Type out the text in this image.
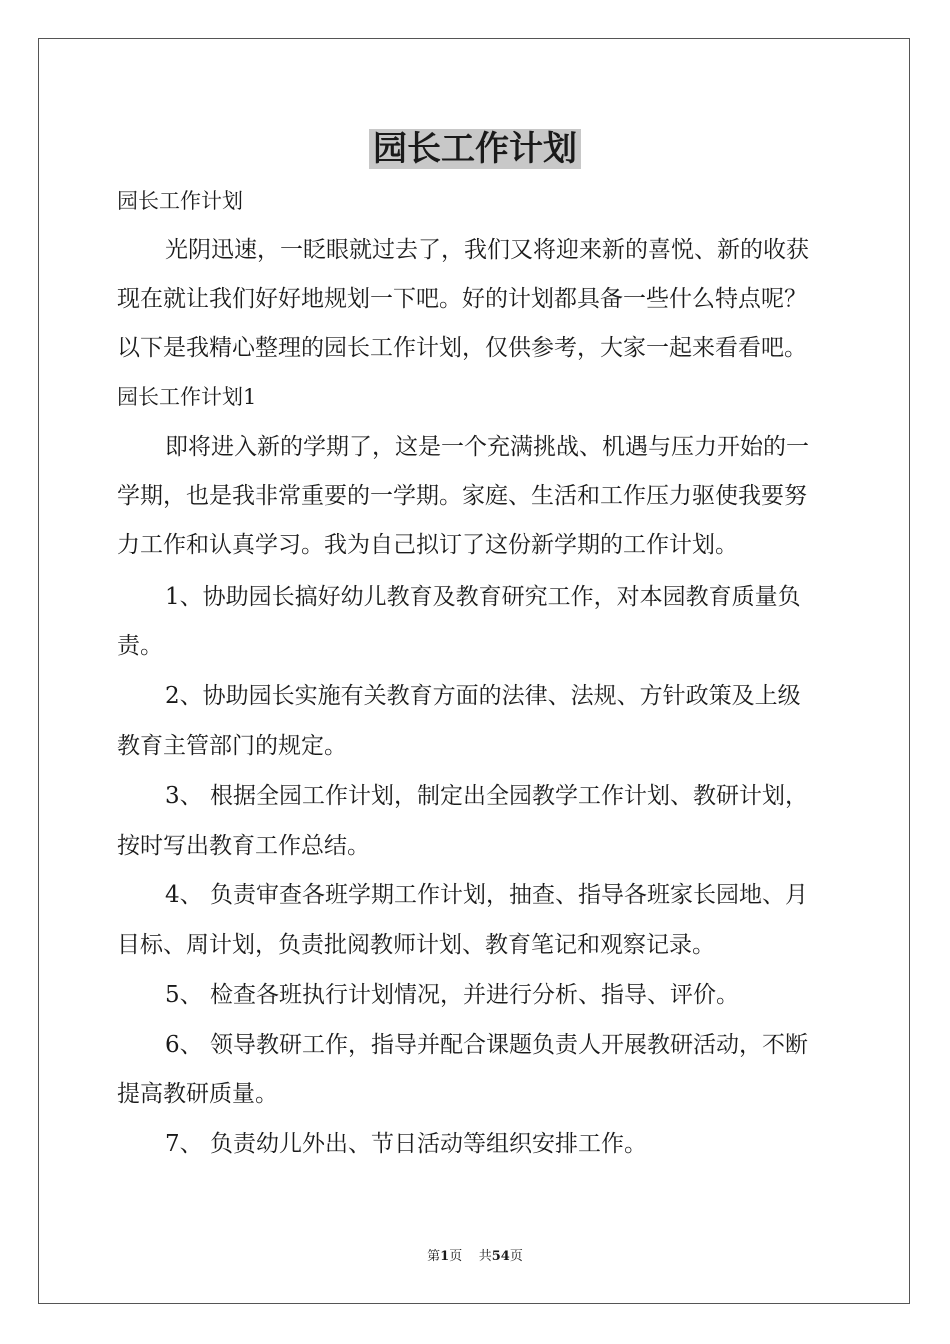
园长工作计划

园长工作计划

光阴迅速，一眨眼就过去了，我们又将迎来新的喜悦、新的收获

现在就让我们好好地规划一下吧。好的计划都具备一些什么特点呢？

以下是我精心整理的园长工作计划，仅供参考，大家一起来看看吧。

园长工作计划1

即将进入新的学期了，这是一个充满挑战、机遇与压力开始的一

学期，也是我非常重要的一学期。家庭、生活和工作压力驱使我要努

力工作和认真学习。我为自己拟订了这份新学期的工作计划。

1、协助园长搞好幼儿教育及教育研究工作，对本园教育质量负

责。

2、协助园长实施有关教育方面的法律、法规、方针政策及上级

教育主管部门的规定。

3、 根据全园工作计划，制定出全园教学工作计划、教研计划，

按时写出教育工作总结。

4、 负责审查各班学期工作计划，抽查、指导各班家长园地、月

目标、周计划，负责批阅教师计划、教育笔记和观察记录。

5、 检查各班执行计划情况，并进行分析、指导、评价。

6、 领导教研工作，指导并配合课题负责人开展教研活动，不断

提高教研质量。

7、 负责幼儿外出、节日活动等组织安排工作。

第1页    共54页
